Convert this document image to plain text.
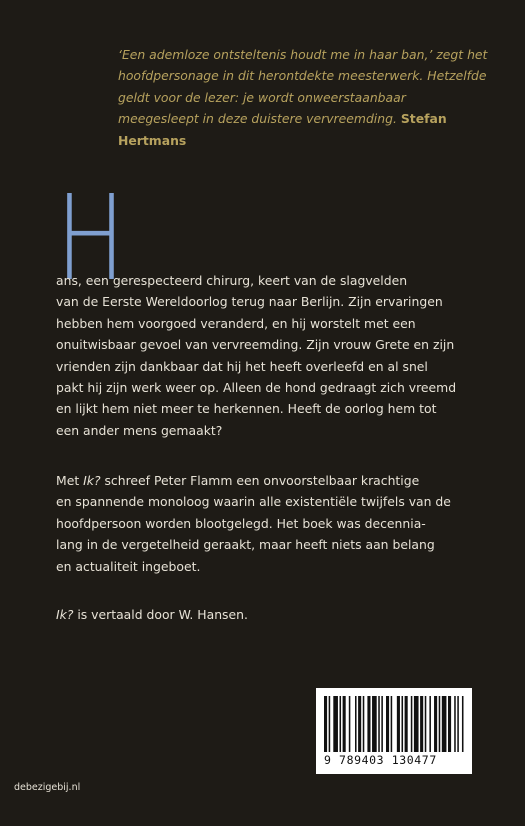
‘Een ademloze ontsteltenis houdt me in haar ban,’ zegt het hoofdpersonage in dit herontdekte meesterwerk. Hetzelfde geldt voor de lezer: je wordt onweerstaanbaar meegesleept in deze duistere vervreemding. Stefan Hertmans

H

ans, een gerespecteerd chirurg, keert van de slagvelden
van de Eerste Wereldoorlog terug naar Berlijn. Zijn ervaringen
hebben hem voorgoed veranderd, en hij worstelt met een
onuitwisbaar gevoel van vervreemding. Zijn vrouw Grete en zijn
vrienden zijn dankbaar dat hij het heeft overleefd en al snel
pakt hij zijn werk weer op. Alleen de hond gedraagt zich vreemd
en lijkt hem niet meer te herkennen. Heeft de oorlog hem tot
een ander mens gemaakt?

Met Ik? schreef Peter Flamm een onvoorstelbaar krachtige
en spannende monoloog waarin alle existentiële twijfels van de
hoofdpersoon worden blootgelegd. Het boek was decennia-
lang in de vergetelheid geraakt, maar heeft niets aan belang
en actualiteit ingeboet.

Ik? is vertaald door W. Hansen.

debezigebij.nl
9 789403 130477
